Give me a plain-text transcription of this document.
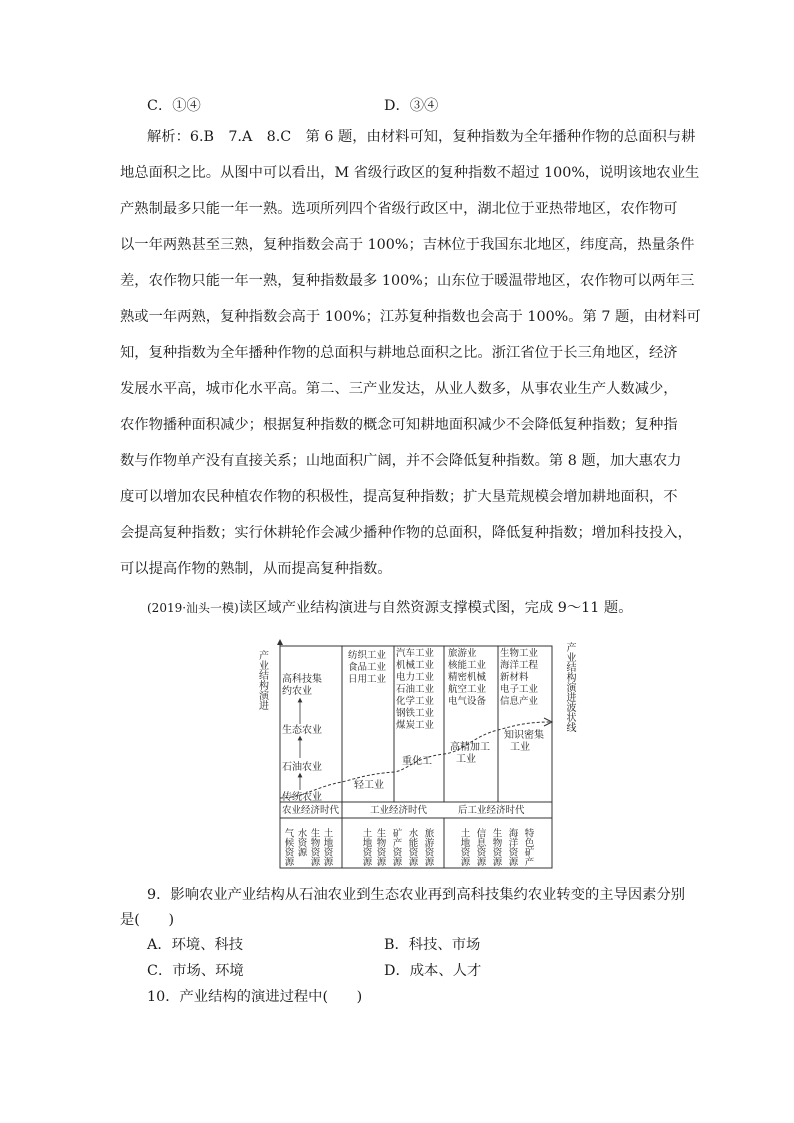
C．①④	D．③④
解析：6.B　7.A　8.C　第 6 题，由材料可知，复种指数为全年播种作物的总面积与耕
地总面积之比。从图中可以看出，M 省级行政区的复种指数不超过 100%，说明该地农业生
产熟制最多只能一年一熟。选项所列四个省级行政区中，湖北位于亚热带地区，农作物可
以一年两熟甚至三熟，复种指数会高于 100%；吉林位于我国东北地区，纬度高，热量条件
差，农作物只能一年一熟，复种指数最多 100%；山东位于暖温带地区，农作物可以两年三
熟或一年两熟，复种指数会高于 100%；江苏复种指数也会高于 100%。第 7 题，由材料可
知，复种指数为全年播种作物的总面积与耕地总面积之比。浙江省位于长三角地区，经济
发展水平高，城市化水平高。第二、三产业发达，从业人数多，从事农业生产人数减少，
农作物播种面积减少；根据复种指数的概念可知耕地面积减少不会降低复种指数；复种指
数与作物单产没有直接关系；山地面积广阔，并不会降低复种指数。第 8 题，加大惠农力
度可以增加农民种植农作物的积极性，提高复种指数；扩大垦荒规模会增加耕地面积，不
会提高复种指数；实行休耕轮作会减少播种作物的总面积，降低复种指数；增加科技投入，
可以提高作物的熟制，从而提高复种指数。
(2019·汕头一模)读区域产业结构演进与自然资源支撑模式图，完成 9～11 题。
产业结构演进 高科技集
约农业
生态农业
石油农业
传统农业
纺织工业
食品工业
日用工业
轻工业
汽车工业
机械工业
电力工业
石油工业
化学工业
钢铁工业
煤炭工业
重化工
旅游业
核能工业
精密机械
航空工业
电气设备
高精加工
工业
生物工业
海洋工程
新材料
电子工业
信息产业
知识密集
工业
农业经济时代	工业经济时代	后工业经济时代
气候资源 水资源 生物资源 土地资源	土地资源 生物资源 矿产资源 水能资源 旅游资源	土地资源 信息资源 生物资源 海洋资源 特色矿产
产业结构演进波状线
9．影响农业产业结构从石油农业到生态农业再到高科技集约农业转变的主导因素分别
是(　　)
A．环境、科技	B．科技、市场
C．市场、环境	D．成本、人才
10．产业结构的演进过程中(　　)
